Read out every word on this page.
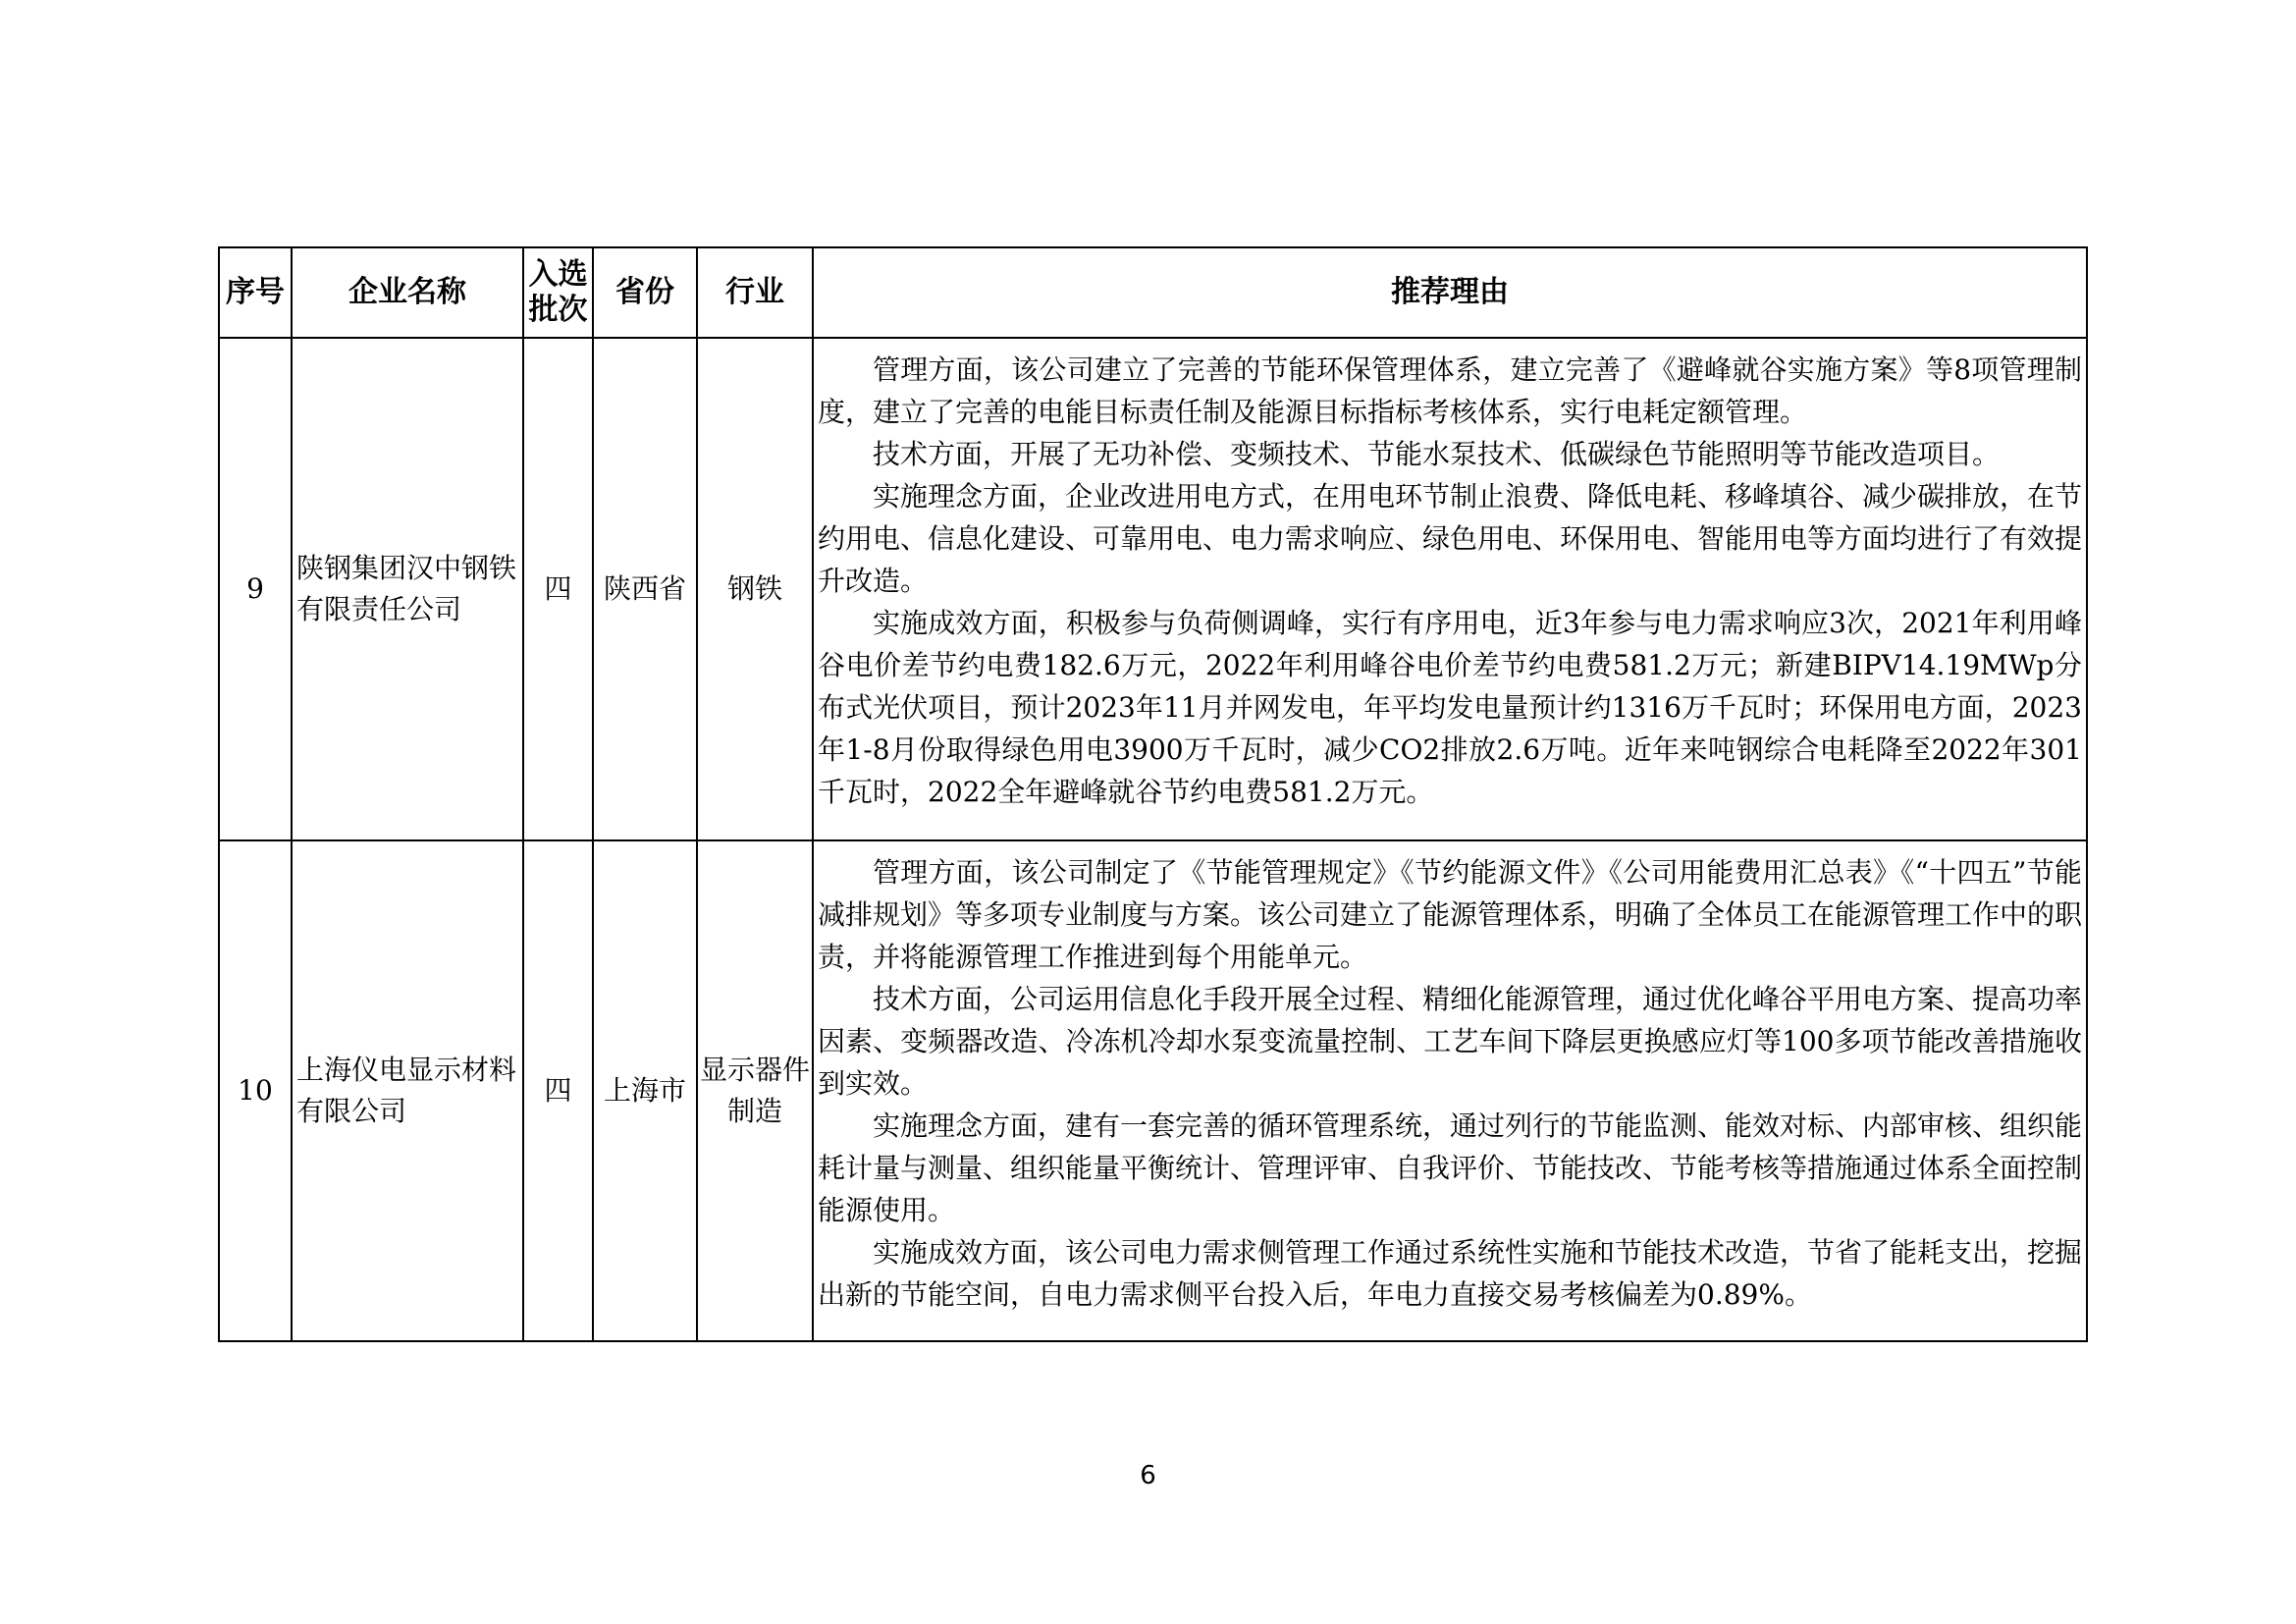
序号	企业名称	入选批次	省份	行业	推荐理由
9	陕钢集团汉中钢铁有限责任公司	四	陕西省	钢铁	管理方面，该公司建立了完善的节能环保管理体系，建立完善了《避峰就谷实施方案》等8项管理制度，建立了完善的电能目标责任制及能源目标指标考核体系，实行电耗定额管理。

技术方面，开展了无功补偿、变频技术、节能水泵技术、低碳绿色节能照明等节能改造项目。

实施理念方面，企业改进用电方式，在用电环节制止浪费、降低电耗、移峰填谷、减少碳排放，在节约用电、信息化建设、可靠用电、电力需求响应、绿色用电、环保用电、智能用电等方面均进行了有效提升改造。

实施成效方面，积极参与负荷侧调峰，实行有序用电，近3年参与电力需求响应3次，2021年利用峰谷电价差节约电费182.6万元，2022年利用峰谷电价差节约电费581.2万元；新建BIPV14.19MWp分布式光伏项目，预计2023年11月并网发电，年平均发电量预计约1316万千瓦时；环保用电方面，2023年1-8月份取得绿色用电3900万千瓦时，减少CO2排放2.6万吨。近年来吨钢综合电耗降至2022年301千瓦时，2022全年避峰就谷节约电费581.2万元。

10	上海仪电显示材料有限公司	四	上海市	显示器件制造	管理方面，该公司制定了《节能管理规定》《节约能源文件》《公司用能费用汇总表》《“十四五”节能减排规划》等多项专业制度与方案。该公司建立了能源管理体系，明确了全体员工在能源管理工作中的职责，并将能源管理工作推进到每个用能单元。

技术方面，公司运用信息化手段开展全过程、精细化能源管理，通过优化峰谷平用电方案、提高功率因素、变频器改造、冷冻机冷却水泵变流量控制、工艺车间下降层更换感应灯等100多项节能改善措施收到实效。

实施理念方面，建有一套完善的循环管理系统，通过列行的节能监测、能效对标、内部审核、组织能耗计量与测量、组织能量平衡统计、管理评审、自我评价、节能技改、节能考核等措施通过体系全面控制能源使用。

实施成效方面，该公司电力需求侧管理工作通过系统性实施和节能技术改造，节省了能耗支出，挖掘出新的节能空间，自电力需求侧平台投入后，年电力直接交易考核偏差为0.89%。

6
